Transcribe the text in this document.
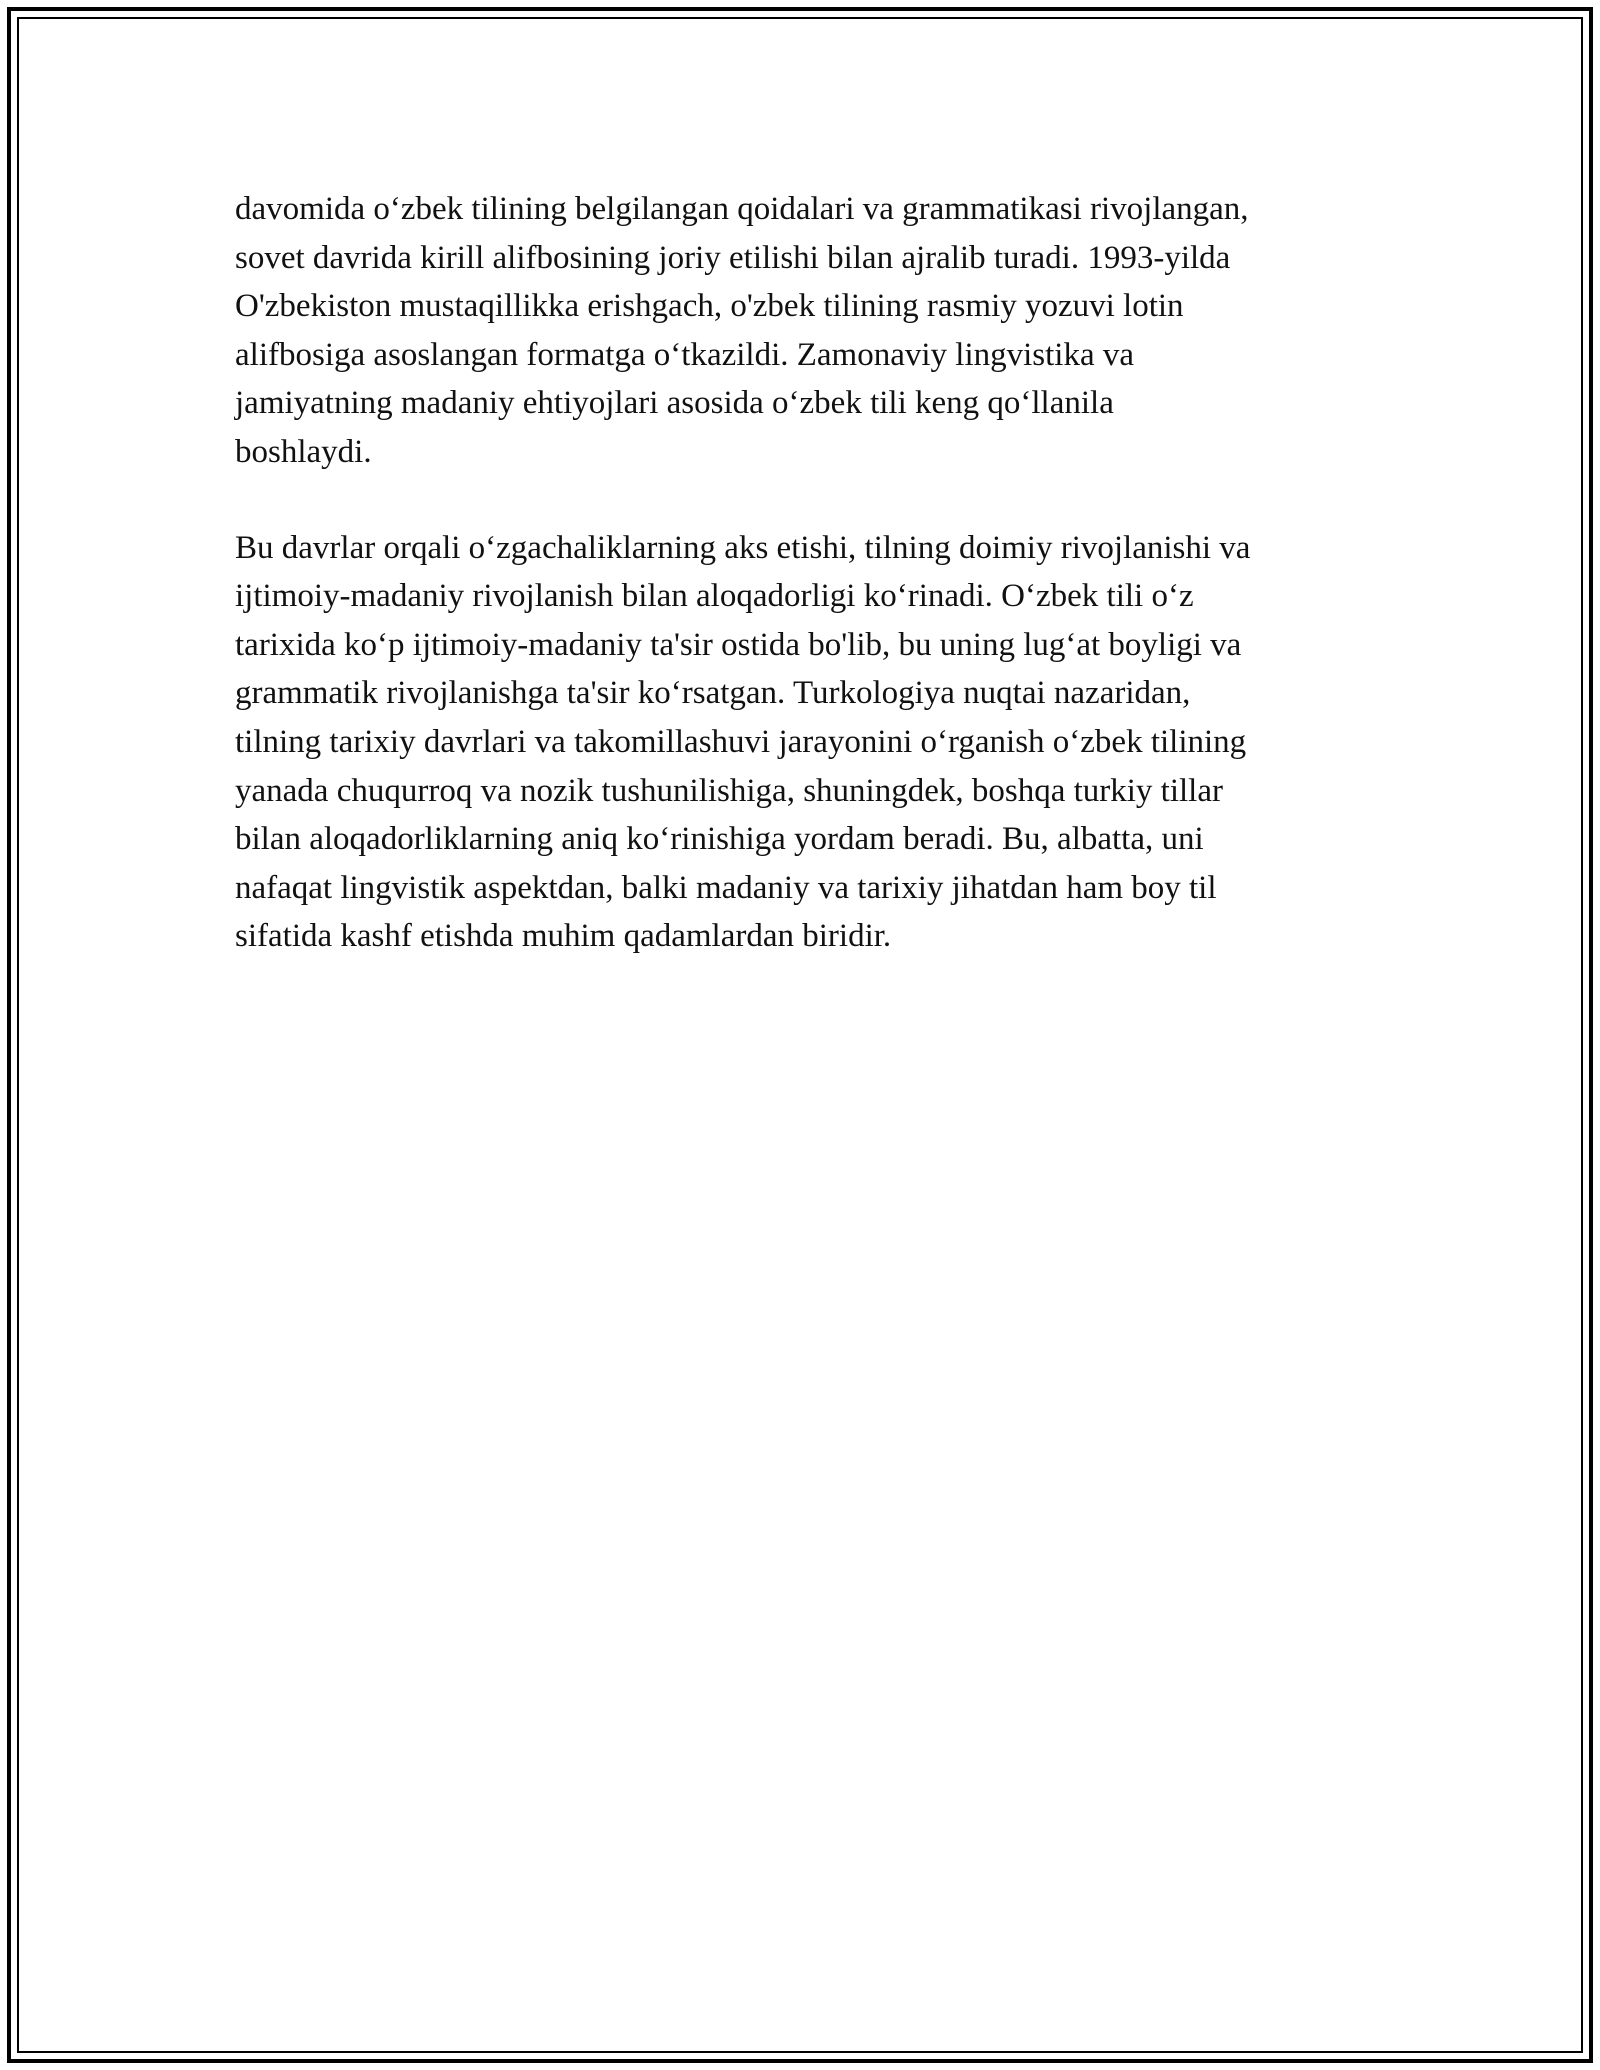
davomida o‘zbek tilining belgilangan qoidalari va grammatikasi rivojlangan,
sovet davrida kirill alifbosining joriy etilishi bilan ajralib turadi. 1993-yilda
O'zbekiston mustaqillikka erishgach, o'zbek tilining rasmiy yozuvi lotin
alifbosiga asoslangan formatga o‘tkazildi. Zamonaviy lingvistika va
jamiyatning madaniy ehtiyojlari asosida o‘zbek tili keng qo‘llanila
boshlaydi.

Bu davrlar orqali o‘zgachaliklarning aks etishi, tilning doimiy rivojlanishi va
ijtimoiy-madaniy rivojlanish bilan aloqadorligi ko‘rinadi. O‘zbek tili o‘z
tarixida ko‘p ijtimoiy-madaniy ta'sir ostida bo'lib, bu uning lug‘at boyligi va
grammatik rivojlanishga ta'sir ko‘rsatgan. Turkologiya nuqtai nazaridan,
tilning tarixiy davrlari va takomillashuvi jarayonini o‘rganish o‘zbek tilining
yanada chuqurroq va nozik tushunilishiga, shuningdek, boshqa turkiy tillar
bilan aloqadorliklarning aniq ko‘rinishiga yordam beradi. Bu, albatta, uni
nafaqat lingvistik aspektdan, balki madaniy va tarixiy jihatdan ham boy til
sifatida kashf etishda muhim qadamlardan biridir.
